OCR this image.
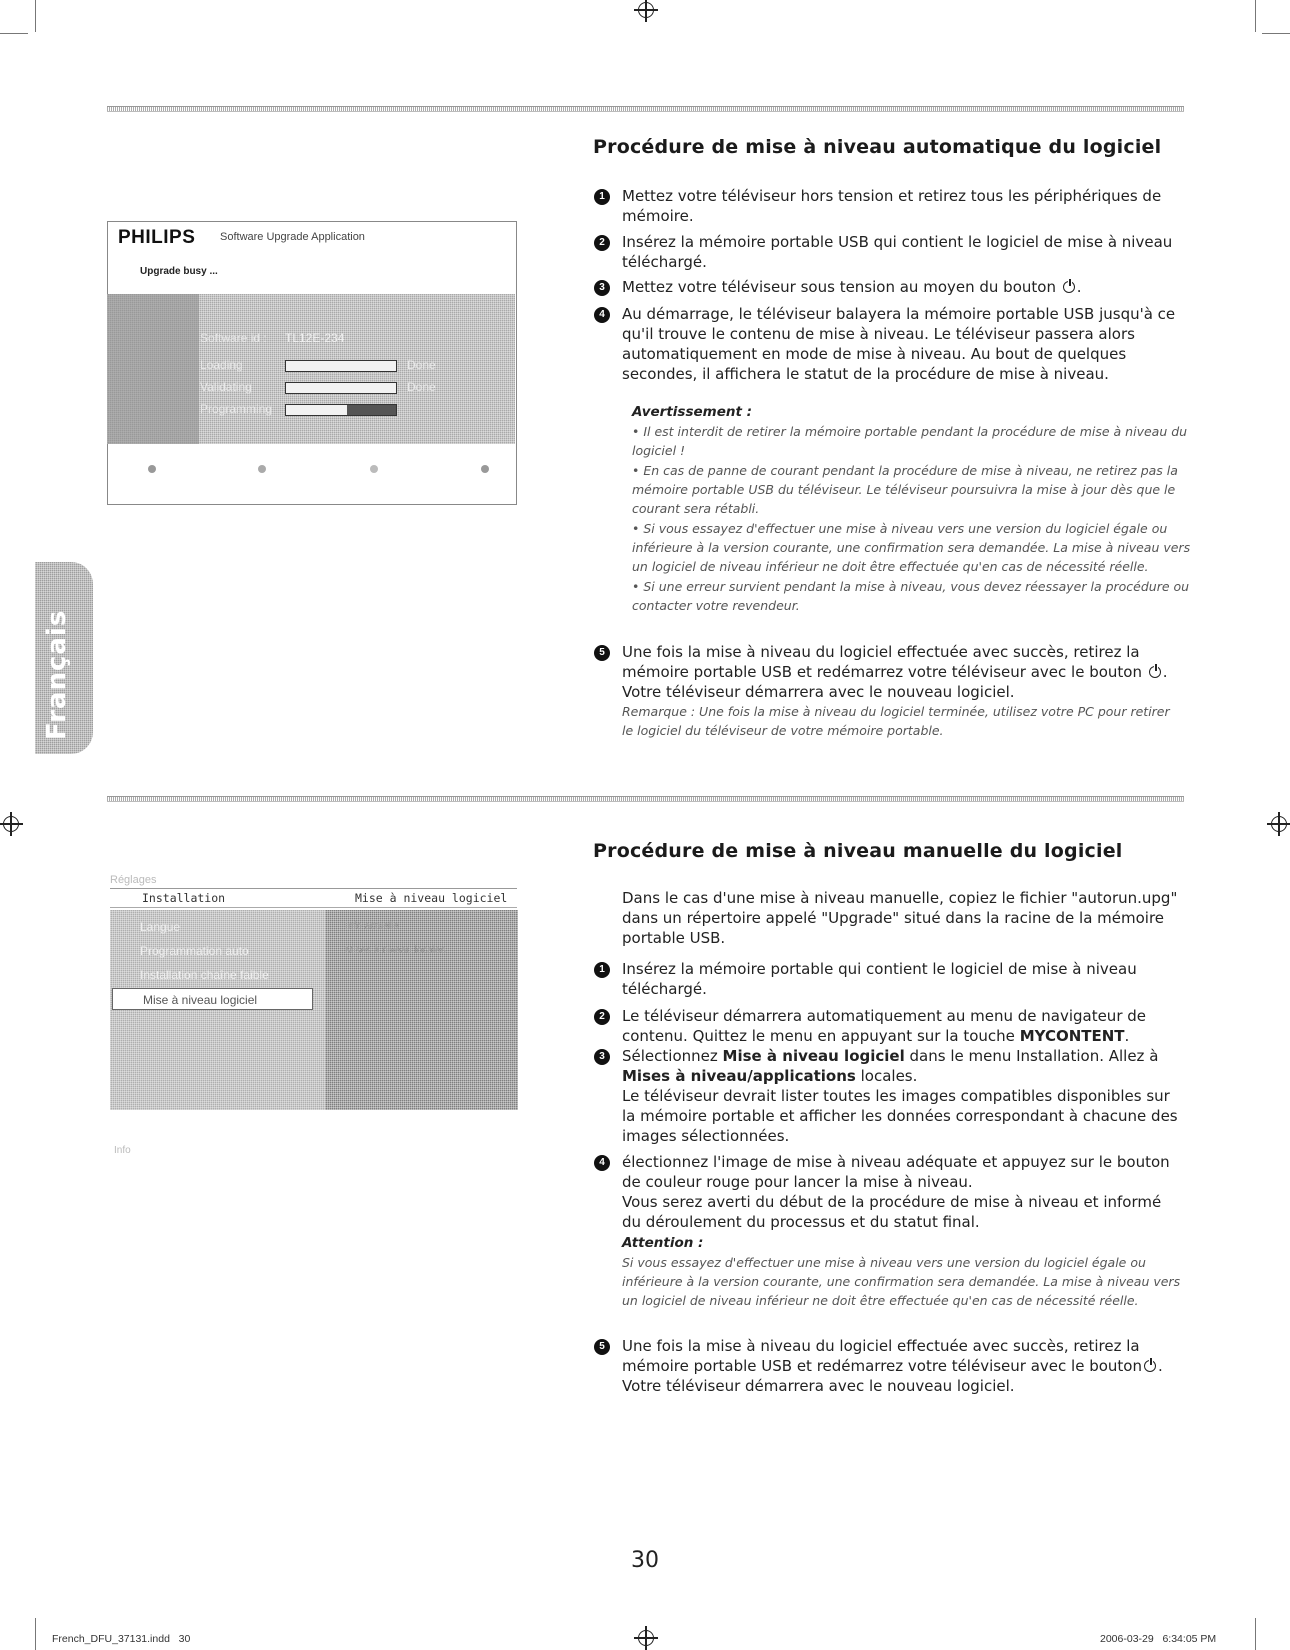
PHILIPS Software Upgrade Application
Upgrade busy ...
Software id : TL12E-234
Loading	Done
Validating	Done
Programming
Procédure de mise à niveau automatique du logiciel
1	Mettez votre téléviseur hors tension et retirez tous les périphériques de mémoire.
2	Insérez la mémoire portable USB qui contient le logiciel de mise à niveau téléchargé.
3	Mettez votre téléviseur sous tension au moyen du bouton .
4	Au démarrage, le téléviseur balayera la mémoire portable USB jusqu'à ce qu'il trouve le contenu de mise à niveau. Le téléviseur passera alors automatiquement en mode de mise à niveau. Au bout de quelques secondes, il affichera le statut de la procédure de mise à niveau.
Avertissement :
• Il est interdit de retirer la mémoire portable pendant la procédure de mise à niveau du logiciel !
• En cas de panne de courant pendant la procédure de mise à niveau, ne retirez pas la mémoire portable USB du téléviseur. Le téléviseur poursuivra la mise à jour dès que le courant sera rétabli.
• Si vous essayez d'effectuer une mise à niveau vers une version du logiciel égale ou inférieure à la version courante, une confirmation sera demandée. La mise à niveau vers un logiciel de niveau inférieur ne doit être effectuée qu'en cas de nécessité réelle.
• Si une erreur survient pendant la mise à niveau, vous devez réessayer la procédure ou contacter votre revendeur.
5	Une fois la mise à niveau du logiciel effectuée avec succès, retirez la mémoire portable USB et redémarrez votre téléviseur avec le bouton .
Votre téléviseur démarrera avec le nouveau logiciel.
Remarque : Une fois la mise à niveau du logiciel terminée, utilisez votre PC pour retirer le logiciel du téléviseur de votre mémoire portable.
Français
Réglages
Installation	Mise à niveau logiciel
Langue
Programmation auto
Installation chaîne faible
Mise à niveau logiciel
Info actuelle
Mises à niveau locales
Info
Procédure de mise à niveau manuelle du logiciel
Dans le cas d'une mise à niveau manuelle, copiez le fichier "autorun.upg" dans un répertoire appelé "Upgrade" situé dans la racine de la mémoire portable USB.
1	Insérez la mémoire portable qui contient le logiciel de mise à niveau téléchargé.
2	Le téléviseur démarrera automatiquement au menu de navigateur de contenu. Quittez le menu en appuyant sur la touche MYCONTENT.
3	Sélectionnez Mise à niveau logiciel dans le menu Installation. Allez à
Mises à niveau/applications locales.
Le téléviseur devrait lister toutes les images compatibles disponibles sur la mémoire portable et afficher les données correspondant à chacune des images sélectionnées.
4	électionnez l'image de mise à niveau adéquate et appuyez sur le bouton de couleur rouge pour lancer la mise à niveau.
Vous serez averti du début de la procédure de mise à niveau et informé du déroulement du processus et du statut final.
Attention :
Si vous essayez d'effectuer une mise à niveau vers une version du logiciel égale ou inférieure à la version courante, une confirmation sera demandée. La mise à niveau vers un logiciel de niveau inférieur ne doit être effectuée qu'en cas de nécessité réelle.
5	Une fois la mise à niveau du logiciel effectuée avec succès, retirez la mémoire portable USB et redémarrez votre téléviseur avec le bouton .
Votre téléviseur démarrera avec le nouveau logiciel.
30
French_DFU_37131.indd   30	2006-03-29   6:34:05 PM
